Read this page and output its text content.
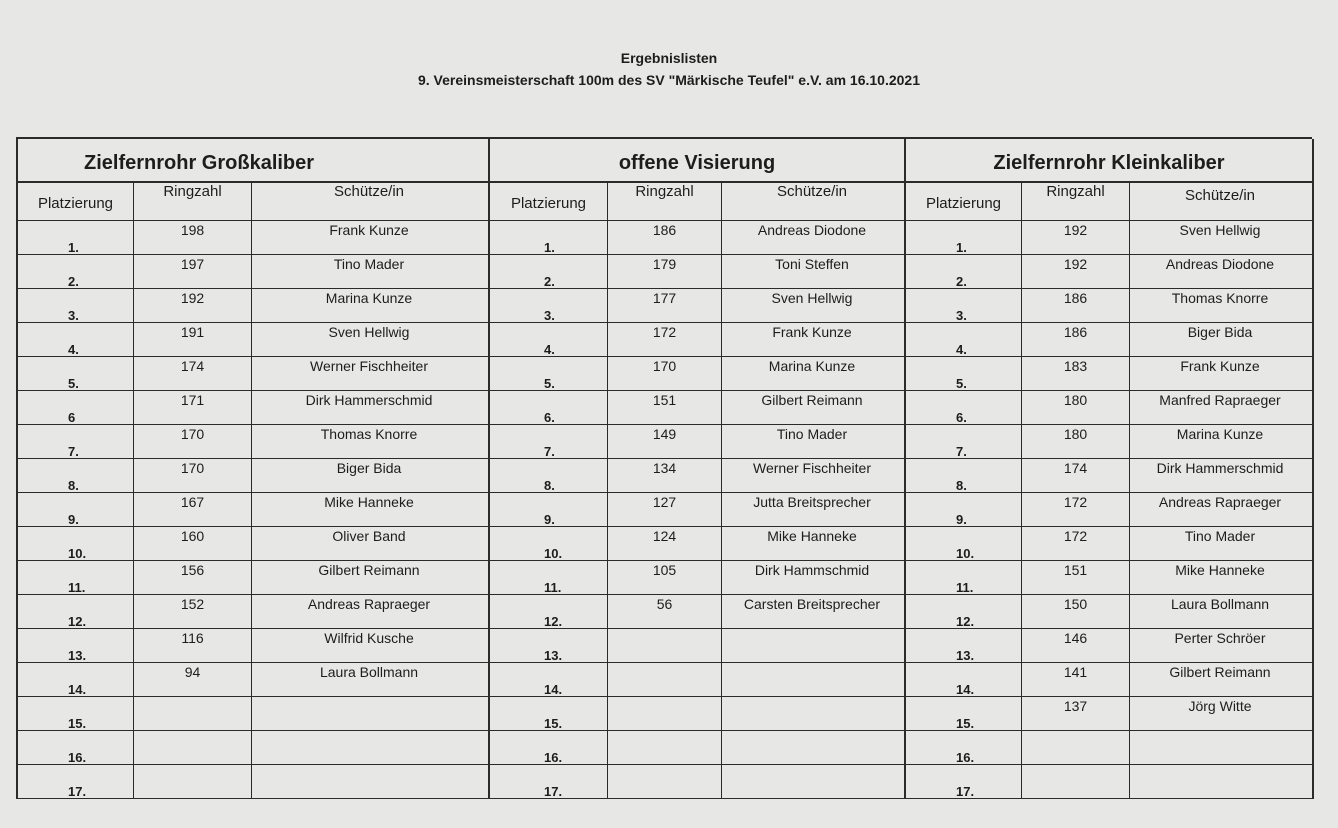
Ergebnislisten
9. Vereinsmeisterschaft 100m des SV "Märkische Teufel" e.V. am 16.10.2021
Zielfernrohr Großkaliber
Platzierung
Ringzahl	Schütze/in
1.
198	Frank Kunze
2.
197	Tino Mader
3.
192	Marina Kunze
4.
191	Sven Hellwig
5.
174	Werner Fischheiter
6
171	Dirk Hammerschmid
7.
170	Thomas Knorre
8.
170	Biger Bida
9.
167	Mike Hanneke
10.
160	Oliver Band
11.
156	Gilbert Reimann
12.
152	Andreas Rapraeger
13.
116	Wilfrid Kusche
14.
94	Laura Bollmann
15.
16.
17.
offene Visierung
Platzierung
Ringzahl	Schütze/in
1.
186	Andreas Diodone
2.
179	Toni Steffen
3.
177	Sven Hellwig
4.
172	Frank Kunze
5.
170	Marina Kunze
6.
151	Gilbert Reimann
7.
149	Tino Mader
8.
134	Werner Fischheiter
9.
127	Jutta Breitsprecher
10.
124	Mike Hanneke
11.
105	Dirk Hammschmid
12.
56	Carsten Breitsprecher
13.
14.
15.
16.
17.
Zielfernrohr Kleinkaliber
Platzierung
Ringzahl	Schütze/in
1.
192	Sven Hellwig
2.
192	Andreas Diodone
3.
186	Thomas Knorre
4.
186	Biger Bida
5.
183	Frank Kunze
6.
180	Manfred Rapraeger
7.
180	Marina Kunze
8.
174	Dirk Hammerschmid
9.
172	Andreas Rapraeger
10.
172	Tino Mader
11.
151	Mike Hanneke
12.
150	Laura Bollmann
13.
146	Perter Schröer
14.
141	Gilbert Reimann
15.
137	Jörg Witte
16.
17.
